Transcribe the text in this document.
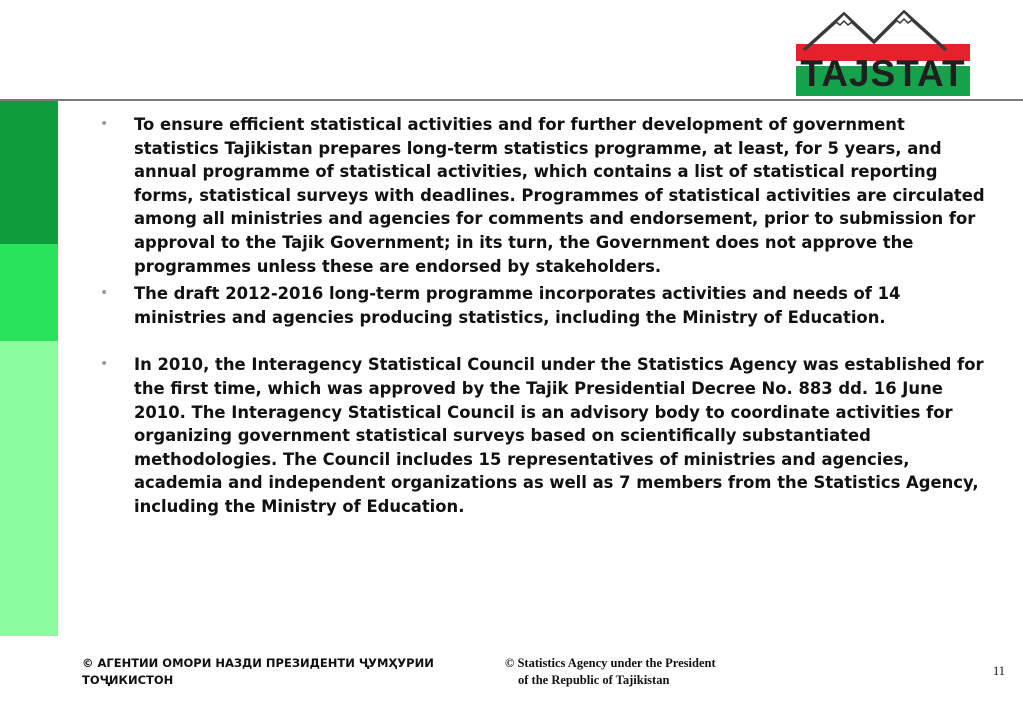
TAJSTAT

•	To ensure efficient statistical activities and for further development of government statistics Tajikistan prepares long-term statistics programme, at least, for 5 years, and annual programme of statistical activities, which contains a list of statistical reporting forms, statistical surveys with deadlines. Programmes of statistical activities are circulated among all ministries and agencies for comments and endorsement, prior to submission for approval to the Tajik Government; in its turn, the Government does not approve the programmes unless these are endorsed by stakeholders.

•	The draft 2012-2016 long-term programme incorporates activities and needs of 14 ministries and agencies producing statistics, including the Ministry of Education.

•	In 2010, the Interagency Statistical Council under the Statistics Agency was established for the first time, which was approved by the Tajik Presidential Decree No. 883 dd. 16 June 2010. The Interagency Statistical Council is an advisory body to coordinate activities for organizing government statistical surveys based on scientifically substantiated methodologies. The Council includes 15 representatives of ministries and agencies, academia and independent organizations as well as 7 members from the Statistics Agency, including the Ministry of Education.

© АГЕНТИИ ОМОРИ НАЗДИ ПРЕЗИДЕНТИ ҶУМҲУРИИ
ТОҶИКИСТОН
© Statistics Agency under the President
of the Republic of Tajikistan
11
